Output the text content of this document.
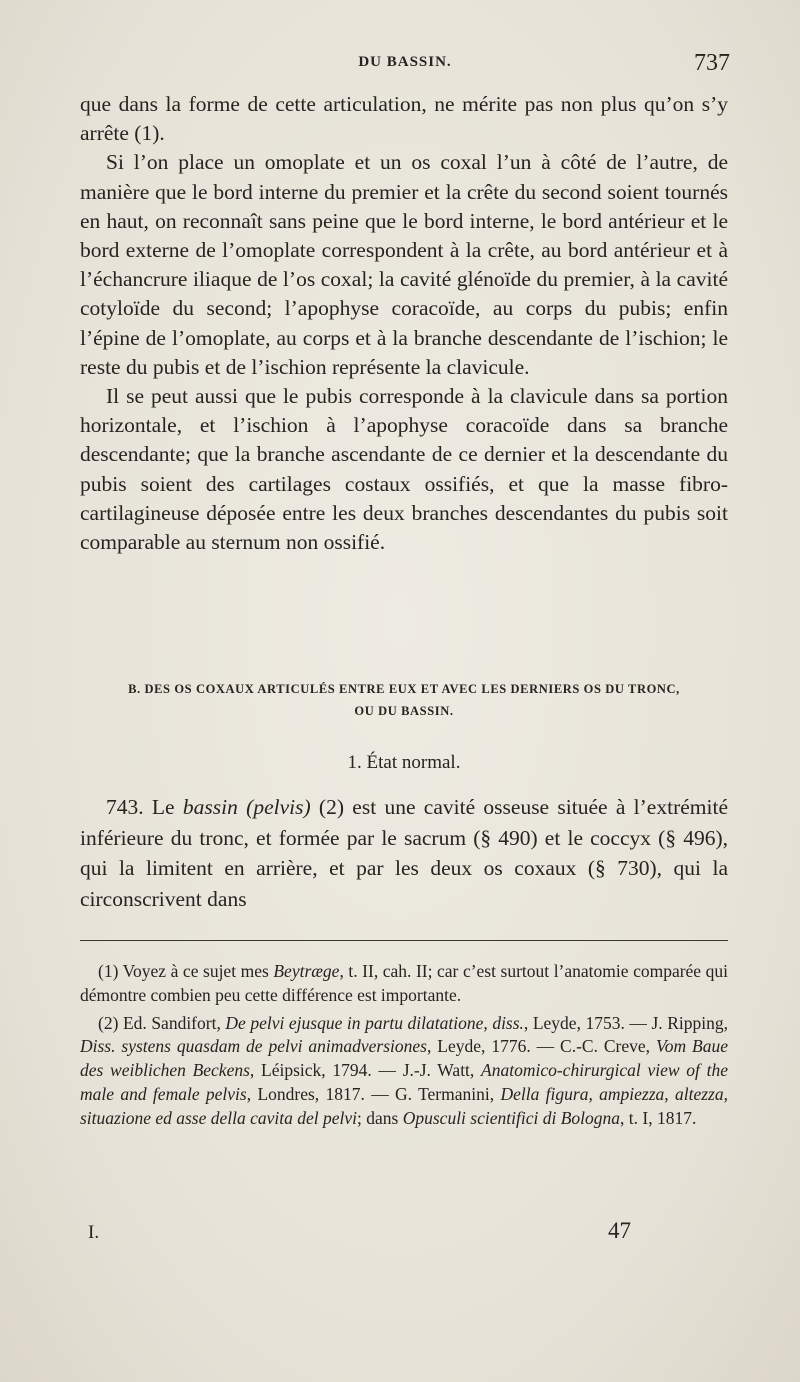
DU BASSIN.	737

que dans la forme de cette articulation, ne mérite pas non plus qu’on s’y arrête (1).

Si l’on place un omoplate et un os coxal l’un à côté de l’autre, de manière que le bord interne du premier et la crête du second soient tournés en haut, on reconnaît sans peine que le bord interne, le bord antérieur et le bord externe de l’omoplate correspondent à la crête, au bord antérieur et à l’échancrure iliaque de l’os coxal; la cavité glénoïde du premier, à la cavité cotyloïde du second; l’apophyse coracoïde, au corps du pubis; enfin l’épine de l’omoplate, au corps et à la branche descendante de l’ischion; le reste du pubis et de l’ischion représente la clavicule.

Il se peut aussi que le pubis corresponde à la clavicule dans sa portion horizontale, et l’ischion à l’apophyse coracoïde dans sa branche descendante; que la branche ascendante de ce dernier et la descendante du pubis soient des cartilages costaux ossifiés, et que la masse fibro-cartilagineuse déposée entre les deux branches descendantes du pubis soit comparable au sternum non ossifié.

B. DES OS COXAUX ARTICULÉS ENTRE EUX ET AVEC LES DERNIERS OS DU TRONC,
OU DU BASSIN.
1. État normal.

743. Le bassin (pelvis) (2) est une cavité osseuse située à l’extrémité inférieure du tronc, et formée par le sacrum (§ 490) et le coccyx (§ 496), qui la limitent en arrière, et par les deux os coxaux (§ 730), qui la circonscrivent dans

(1) Voyez à ce sujet mes Beytræge, t. II, cah. II; car c’est surtout l’anatomie comparée qui démontre combien peu cette différence est importante.

(2) Ed. Sandifort, De pelvi ejusque in partu dilatatione, diss., Leyde, 1753. — J. Ripping, Diss. systens quasdam de pelvi animadversiones, Leyde, 1776. — C.-C. Creve, Vom Baue des weiblichen Beckens, Léipsick, 1794. — J.-J. Watt, Anatomico-chirurgical view of the male and female pelvis, Londres, 1817. — G. Termanini, Della figura, ampiezza, altezza, situazione ed asse della cavita del pelvi; dans Opusculi scientifici di Bologna, t. I, 1817.

I.	47
